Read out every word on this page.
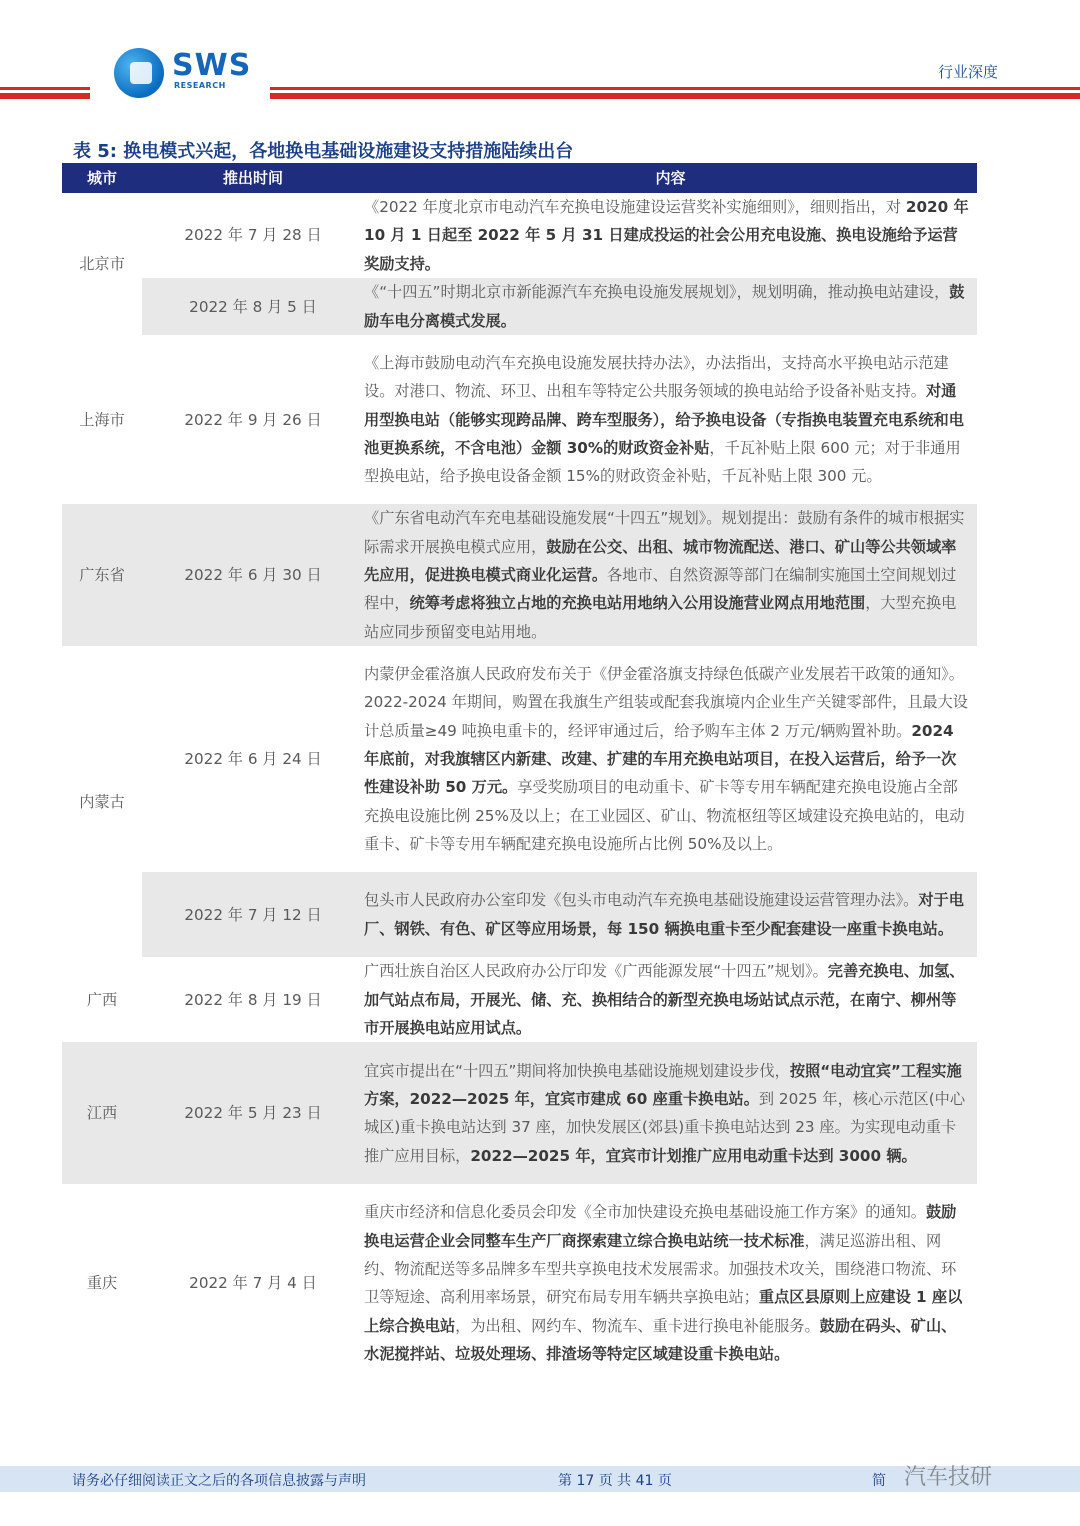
SWS
RESEARCH
行业深度
表 5: 换电模式兴起，各地换电基础设施建设支持措施陆续出台
城市	推出时间	内容
北京市	2022 年 7 月 28 日	《2022 年度北京市电动汽车充换电设施建设运营奖补实施细则》，细则指出，对 2020 年 10 月 1 日起至 2022 年 5 月 31 日建成投运的社会公用充电设施、换电设施给予运营奖励支持。
	2022 年 8 月 5 日	《“十四五”时期北京市新能源汽车充换电设施发展规划》，规划明确，推动换电站建设，鼓励车电分离模式发展。
上海市	2022 年 9 月 26 日	《上海市鼓励电动汽车充换电设施发展扶持办法》，办法指出，支持高水平换电站示范建设。对港口、物流、环卫、出租车等特定公共服务领域的换电站给予设备补贴支持。对通用型换电站（能够实现跨品牌、跨车型服务），给予换电设备（专指换电装置充电系统和电池更换系统，不含电池）金额 30%的财政资金补贴，千瓦补贴上限 600 元；对于非通用型换电站，给予换电设备金额 15%的财政资金补贴，千瓦补贴上限 300 元。
广东省	2022 年 6 月 30 日	《广东省电动汽车充电基础设施发展“十四五”规划》。规划提出：鼓励有条件的城市根据实际需求开展换电模式应用，鼓励在公交、出租、城市物流配送、港口、矿山等公共领域率先应用，促进换电模式商业化运营。各地市、自然资源等部门在编制实施国土空间规划过程中，统筹考虑将独立占地的充换电站用地纳入公用设施营业网点用地范围，大型充换电站应同步预留变电站用地。
内蒙古	2022 年 6 月 24 日	内蒙伊金霍洛旗人民政府发布关于《伊金霍洛旗支持绿色低碳产业发展若干政策的通知》。2022-2024 年期间，购置在我旗生产组装或配套我旗境内企业生产关键零部件，且最大设计总质量≥49 吨换电重卡的，经评审通过后，给予购车主体 2 万元/辆购置补助。2024 年底前，对我旗辖区内新建、改建、扩建的车用充换电站项目，在投入运营后，给予一次性建设补助 50 万元。享受奖励项目的电动重卡、矿卡等专用车辆配建充换电设施占全部充换电设施比例 25%及以上；在工业园区、矿山、物流枢纽等区域建设充换电站的，电动重卡、矿卡等专用车辆配建充换电设施所占比例 50%及以上。
	2022 年 7 月 12 日	包头市人民政府办公室印发《包头市电动汽车充换电基础设施建设运营管理办法》。对于电厂、钢铁、有色、矿区等应用场景，每 150 辆换电重卡至少配套建设一座重卡换电站。
广西	2022 年 8 月 19 日	广西壮族自治区人民政府办公厅印发《广西能源发展“十四五”规划》。完善充换电、加氢、加气站点布局，开展光、储、充、换相结合的新型充换电场站试点示范，在南宁、柳州等市开展换电站应用试点。
江西	2022 年 5 月 23 日	宜宾市提出在“十四五”期间将加快换电基础设施规划建设步伐，按照“电动宜宾”工程实施方案，2022—2025 年，宜宾市建成 60 座重卡换电站。到 2025 年，核心示范区(中心城区)重卡换电站达到 37 座，加快发展区(郊县)重卡换电站达到 23 座。为实现电动重卡推广应用目标，2022—2025 年，宜宾市计划推广应用电动重卡达到 3000 辆。
重庆	2022 年 7 月 4 日	重庆市经济和信息化委员会印发《全市加快建设充换电基础设施工作方案》的通知。鼓励换电运营企业会同整车生产厂商探索建立综合换电站统一技术标准，满足巡游出租、网约、物流配送等多品牌多车型共享换电技术发展需求。加强技术攻关，围绕港口物流、环卫等短途、高利用率场景，研究布局专用车辆共享换电站；重点区县原则上应建设 1 座以上综合换电站，为出租、网约车、物流车、重卡进行换电补能服务。鼓励在码头、矿山、水泥搅拌站、垃圾处理场、排渣场等特定区域建设重卡换电站。
请务必仔细阅读正文之后的各项信息披露与声明	第 17 页 共 41 页	简 汽车技研
